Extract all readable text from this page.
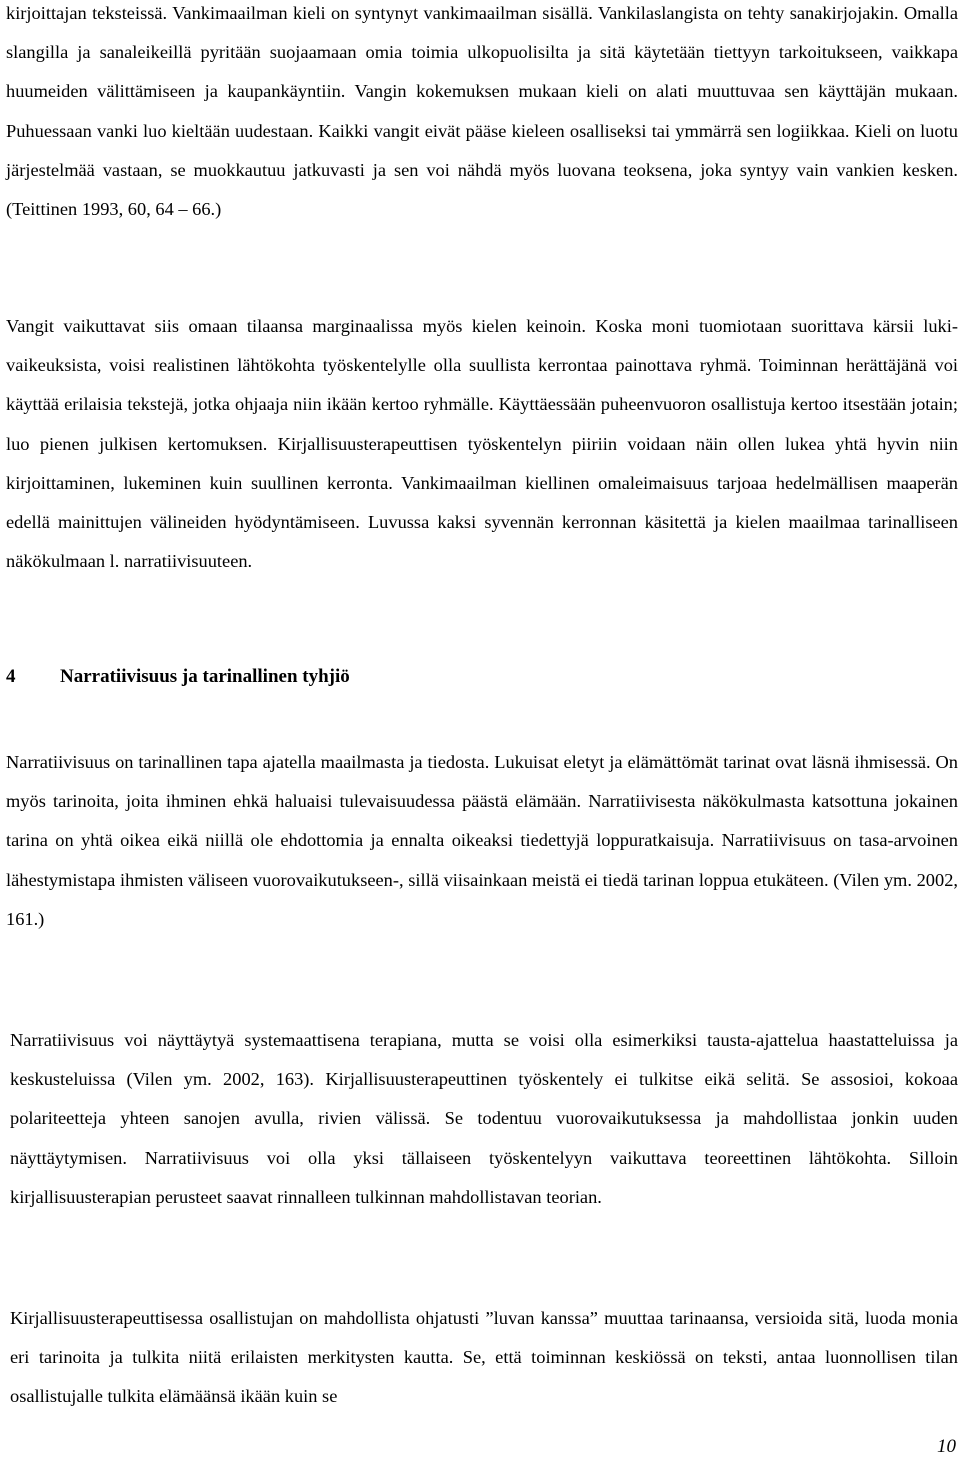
kirjoittajan teksteissä. Vankimaailman kieli on syntynyt vankimaailman sisällä. Vankilaslangista on tehty sanakirjojakin. Omalla slangilla ja sanaleikeillä pyritään suojaamaan omia toimia ulkopuolisilta ja sitä käytetään tiettyyn tarkoitukseen, vaikkapa huumeiden välittämiseen ja kaupankäyntiin. Vangin kokemuksen mukaan kieli on alati muuttuvaa sen käyttäjän mukaan. Puhuessaan vanki luo kieltään uudestaan. Kaikki vangit eivät pääse kieleen osalliseksi tai ymmärrä sen logiikkaa. Kieli on luotu järjestelmää vastaan, se muokkautuu jatkuvasti ja sen voi nähdä myös luovana teoksena, joka syntyy vain vankien kesken. (Teittinen 1993, 60, 64 – 66.)

Vangit vaikuttavat siis omaan tilaansa marginaalissa myös kielen keinoin. Koska moni tuomiotaan suorittava kärsii luki-vaikeuksista, voisi realistinen lähtökohta työskentelylle olla suullista kerrontaa painottava ryhmä. Toiminnan herättäjänä voi käyttää erilaisia tekstejä, jotka ohjaaja niin ikään kertoo ryhmälle. Käyttäessään puheenvuoron osallistuja kertoo itsestään jotain; luo pienen julkisen kertomuksen. Kirjallisuusterapeuttisen työskentelyn piiriin voidaan näin ollen lukea yhtä hyvin niin kirjoittaminen, lukeminen kuin suullinen kerronta. Vankimaailman kiellinen omaleimaisuus tarjoaa hedelmällisen maaperän edellä mainittujen välineiden hyödyntämiseen. Luvussa kaksi syvennän kerronnan käsitettä ja kielen maailmaa tarinalliseen näkökulmaan l. narratiivisuuteen.

4 Narratiivisuus ja tarinallinen tyhjiö

Narratiivisuus on tarinallinen tapa ajatella maailmasta ja tiedosta. Lukuisat eletyt ja elämättömät tarinat ovat läsnä ihmisessä. On myös tarinoita, joita ihminen ehkä haluaisi tulevaisuudessa päästä elämään. Narratiivisesta näkökulmasta katsottuna jokainen tarina on yhtä oikea eikä niillä ole ehdottomia ja ennalta oikeaksi tiedettyjä loppuratkaisuja. Narratiivisuus on tasa-arvoinen lähestymistapa ihmisten väliseen vuorovaikutukseen-, sillä viisainkaan meistä ei tiedä tarinan loppua etukäteen. (Vilen ym. 2002, 161.)

Narratiivisuus voi näyttäytyä systemaattisena terapiana, mutta se voisi olla esimerkiksi tausta-ajattelua haastatteluissa ja keskusteluissa (Vilen ym. 2002, 163). Kirjallisuusterapeuttinen työskentely ei tulkitse eikä selitä. Se assosioi, kokoaa polariteetteja yhteen sanojen avulla, rivien välissä. Se todentuu vuorovaikutuksessa ja mahdollistaa jonkin uuden näyttäytymisen. Narratiivisuus voi olla yksi tällaiseen työskentelyyn vaikuttava teoreettinen lähtökohta. Silloin kirjallisuusterapian perusteet saavat rinnalleen tulkinnan mahdollistavan teorian.

Kirjallisuusterapeuttisessa osallistujan on mahdollista ohjatusti ”luvan kanssa” muuttaa tarinaansa, versioida sitä, luoda monia eri tarinoita ja tulkita niitä erilaisten merkitysten kautta. Se, että toiminnan keskiössä on teksti, antaa luonnollisen tilan osallistujalle tulkita elämäänsä ikään kuin se

10
